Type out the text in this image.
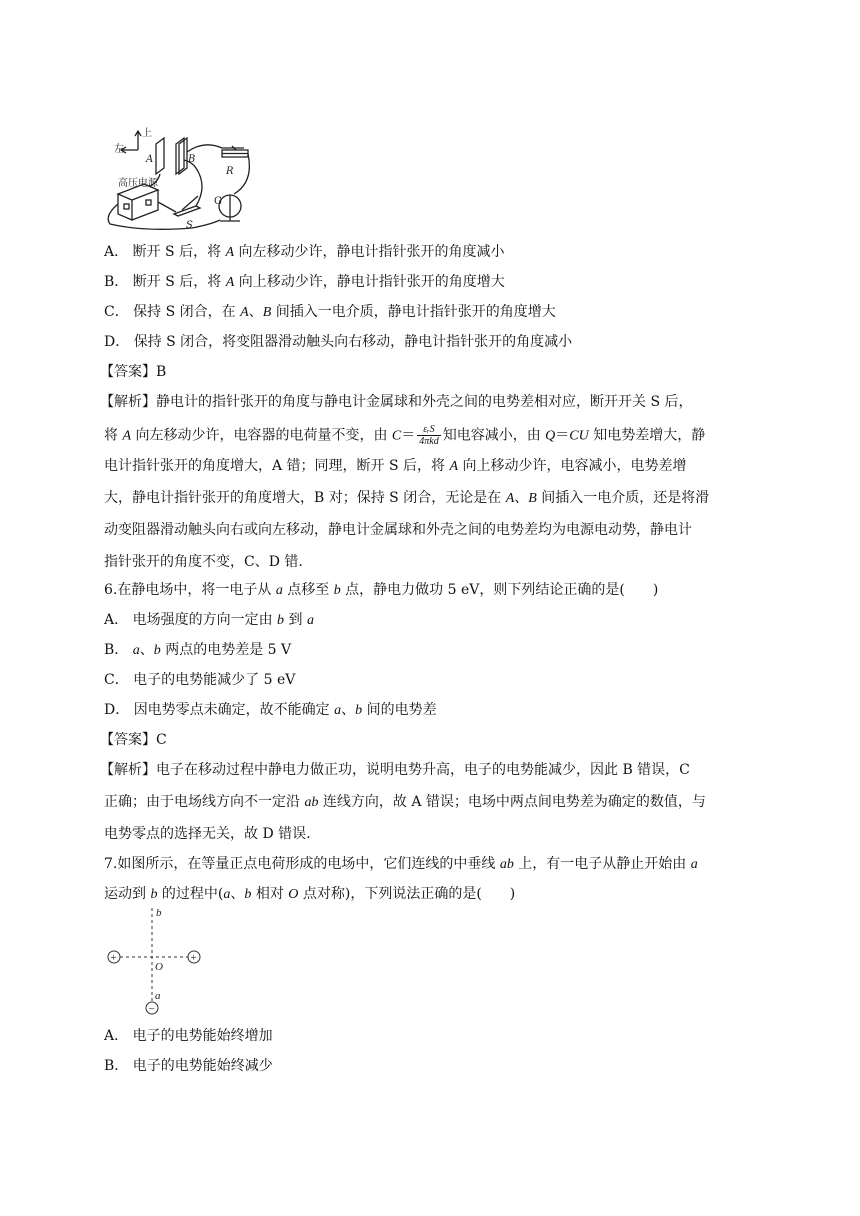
左
上
A	B
R
高压电源
S
G
A． 断开 S 后，将 A 向左移动少许，静电计指针张开的角度减小
B． 断开 S 后，将 A 向上移动少许，静电计指针张开的角度增大
C． 保持 S 闭合，在 A、B 间插入一电介质，静电计指针张开的角度增大
D． 保持 S 闭合，将变阻器滑动触头向右移动，静电计指针张开的角度减小
【答案】B
【解析】静电计的指针张开的角度与静电计金属球和外壳之间的电势差相对应，断开开关 S 后，
将 A 向左移动少许，电容器的电荷量不变，由 $C= \frac{\text{εᵣS}}{\text{4πkd}}$ 知电容减小，由 Q＝CU 知电势差增大，静
电计指针张开的角度增大，A 错；同理，断开 S 后，将 A 向上移动少许，电容减小，电势差增
大，静电计指针张开的角度增大，B 对；保持 S 闭合，无论是在 A、B 间插入一电介质，还是将滑
动变阻器滑动触头向右或向左移动，静电计金属球和外壳之间的电势差均为电源电动势，静电计
指针张开的角度不变，C、D 错.
6.在静电场中，将一电子从 a 点移至 b 点，静电力做功 5 eV，则下列结论正确的是(　　)
A． 电场强度的方向一定由 b 到 a
B． a、b 两点的电势差是 5 V
C． 电子的电势能减少了 5 eV
D． 因电势零点未确定，故不能确定 a、b 间的电势差
【答案】C
【解析】电子在移动过程中静电力做正功，说明电势升高，电子的电势能减少，因此 B 错误，C
正确；由于电场线方向不一定沿 ab 连线方向，故 A 错误；电场中两点间电势差为确定的数值，与
电势零点的选择无关，故 D 错误.
7.如图所示，在等量正点电荷形成的电场中，它们连线的中垂线 ab 上，有一电子从静止开始由 a
运动到 b 的过程中(a、b 相对 O 点对称)，下列说法正确的是(　　)
+	+
−
b
O
a
A． 电子的电势能始终增加
B． 电子的电势能始终减少
